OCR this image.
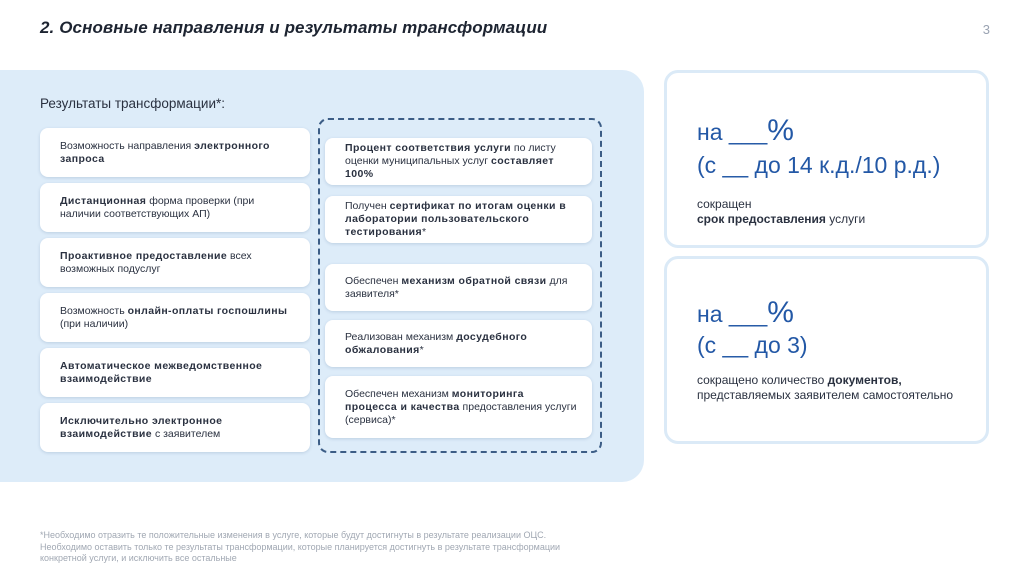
2. Основные направления и результаты трансформации	3
Результаты трансформации*:
Возможность направления электронного запроса
Дистанционная форма проверки (при наличии соответствующих АП)
Проактивное предоставление всех возможных подуслуг
Возможность онлайн-оплаты госпошлины (при наличии)
Автоматическое межведомственное взаимодействие
Исключительно электронное взаимодействие с заявителем
Процент соответствия услуги по листу оценки муниципальных услуг составляет 100%
Получен сертификат по итогам оценки в лаборатории пользовательского тестирования*
Обеспечен механизм обратной связи для заявителя*
Реализован механизм досудебного обжалования*
Обеспечен механизм мониторинга процесса и качества предоставления услуги (сервиса)*
на ___%
(с __ до 14 к.д./10 р.д.)
сокращен
срок предоставления услуги
на ___%
(с __ до 3)
сокращено количество документов,
представляемых заявителем самостоятельно
*Необходимо отразить те положительные изменения в услуге, которые будут достигнуты в результате реализации ОЦС.
Необходимо оставить только те результаты трансформации, которые планируется достигнуть в результате трансформации
конкретной услуги, и исключить все остальные
